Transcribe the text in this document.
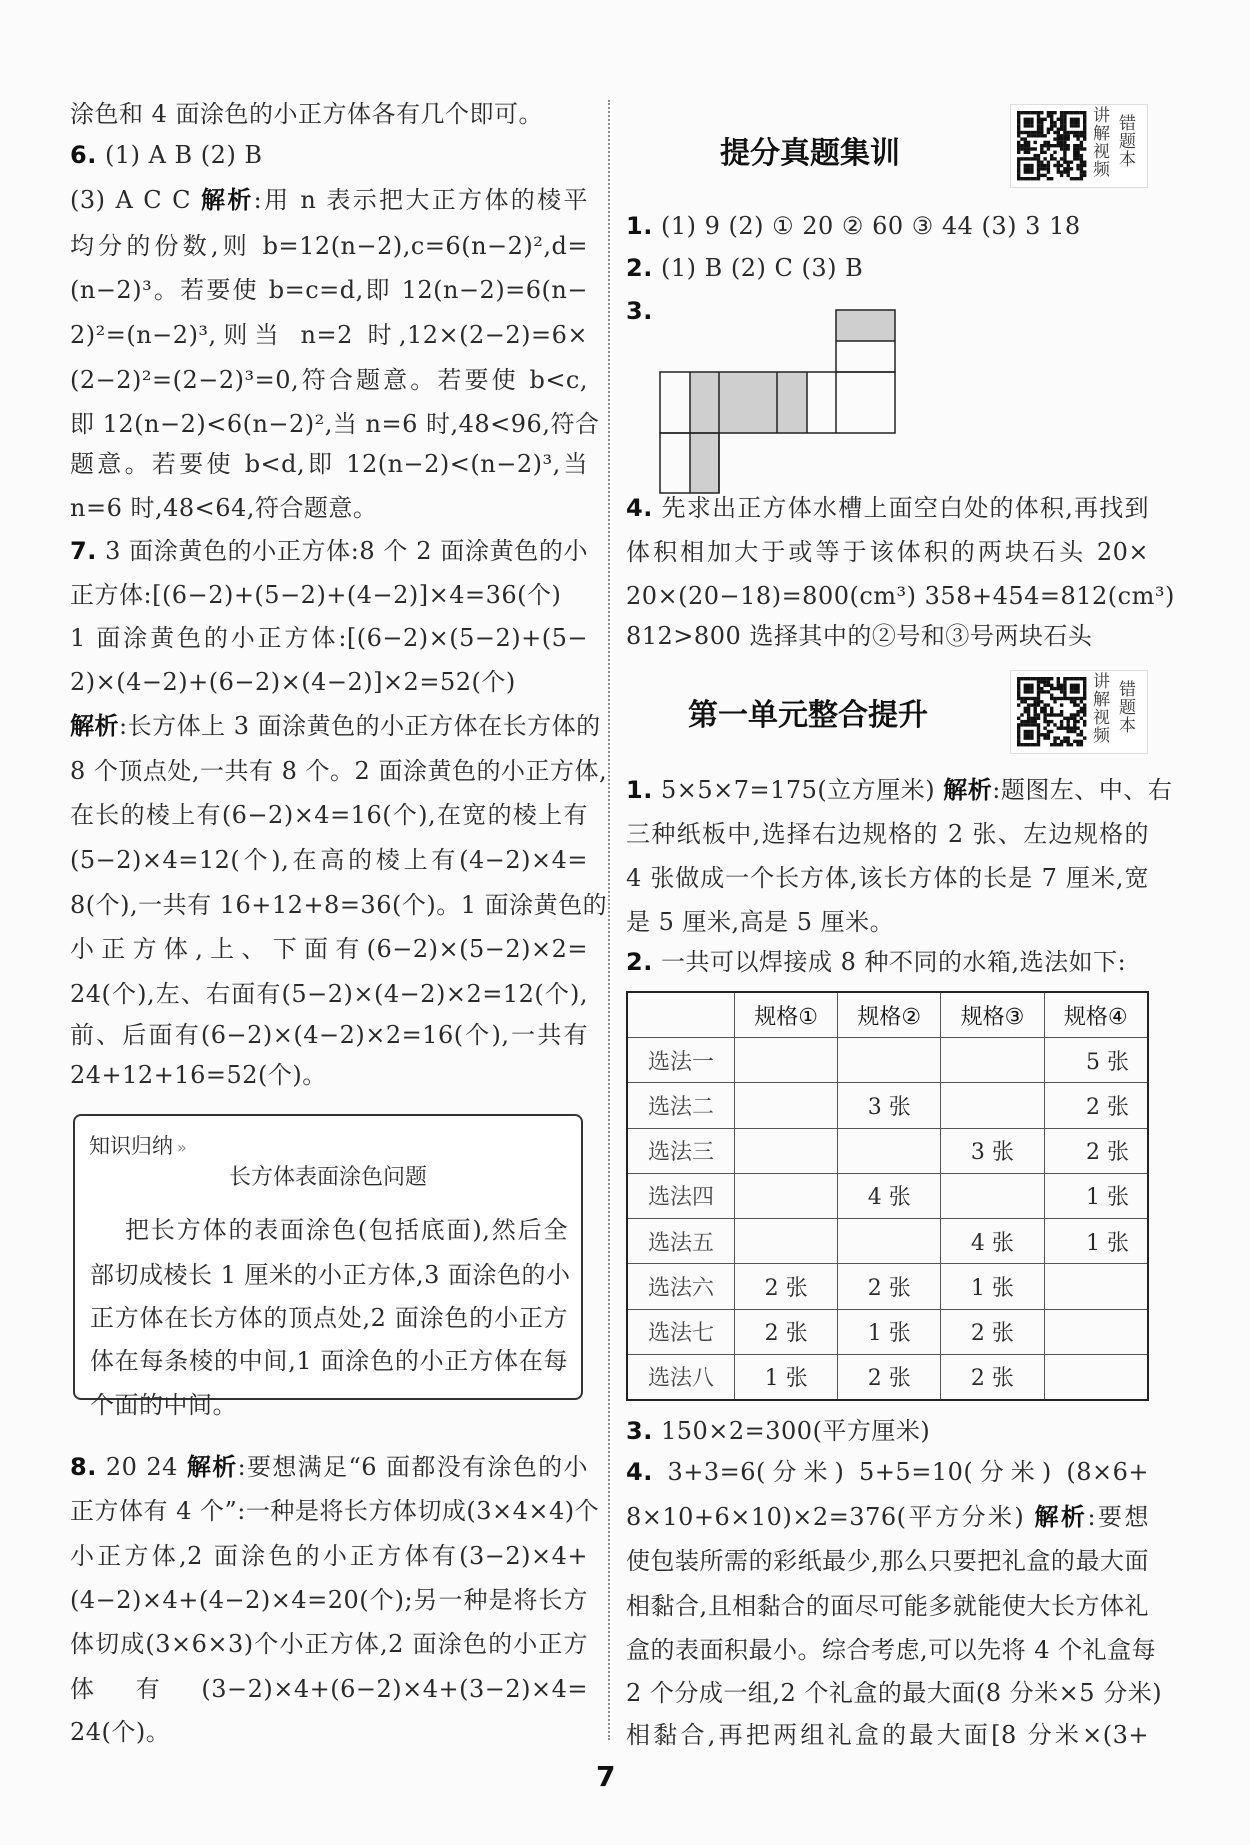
涂色和 4 面涂色的小正方体各有几个即可。
6. (1) A B (2) B
(3) A C C 解析:用 n 表示把大正方体的棱平
均分的份数,则 b=12(n−2),c=6(n−2)²,d=
(n−2)³。若要使 b=c=d,即 12(n−2)=6(n−
2)²=(n−2)³,则当 n=2 时,12×(2−2)=6×
(2−2)²=(2−2)³=0,符合题意。若要使 b<c,
即 12(n−2)<6(n−2)²,当 n=6 时,48<96,符合
题意。若要使 b<d,即 12(n−2)<(n−2)³,当
n=6 时,48<64,符合题意。
7. 3 面涂黄色的小正方体:8 个 2 面涂黄色的小
正方体:[(6−2)+(5−2)+(4−2)]×4=36(个)
1 面涂黄色的小正方体:[(6−2)×(5−2)+(5−
2)×(4−2)+(6−2)×(4−2)]×2=52(个)
解析:长方体上 3 面涂黄色的小正方体在长方体的
8 个顶点处,一共有 8 个。2 面涂黄色的小正方体,
在长的棱上有(6−2)×4=16(个),在宽的棱上有
(5−2)×4=12(个),在高的棱上有(4−2)×4=
8(个),一共有 16+12+8=36(个)。1 面涂黄色的
小正方体,上、下面有(6−2)×(5−2)×2=
24(个),左、右面有(5−2)×(4−2)×2=12(个),
前、后面有(6−2)×(4−2)×2=16(个),一共有
24+12+16=52(个)。
8. 20 24 解析:要想满足“6 面都没有涂色的小
正方体有 4 个”:一种是将长方体切成(3×4×4)个
小正方体,2 面涂色的小正方体有(3−2)×4+
(4−2)×4+(4−2)×4=20(个);另一种是将长方
体切成(3×6×3)个小正方体,2 面涂色的小正方
体有(3−2)×4+(6−2)×4+(3−2)×4=
24(个)。
知识归纳 »
长方体表面涂色问题
把长方体的表面涂色(包括底面),然后全
部切成棱长 1 厘米的小正方体,3 面涂色的小
正方体在长方体的顶点处,2 面涂色的小正方
体在每条棱的中间,1 面涂色的小正方体在每
个面的中间。
提分真题集训
讲解视频
错题本
第一单元整合提升
讲解视频
错题本
1. (1) 9 (2) ① 20 ② 60 ③ 44 (3) 3 18
2. (1) B (2) C (3) B
3.
4. 先求出正方体水槽上面空白处的体积,再找到
体积相加大于或等于该体积的两块石头 20×
20×(20−18)=800(cm³) 358+454=812(cm³)
812>800 选择其中的②号和③号两块石头
1. 5×5×7=175(立方厘米) 解析:题图左、中、右
三种纸板中,选择右边规格的 2 张、左边规格的
4 张做成一个长方体,该长方体的长是 7 厘米,宽
是 5 厘米,高是 5 厘米。
2. 一共可以焊接成 8 种不同的水箱,选法如下:
3. 150×2=300(平方厘米)
4. 3+3=6(分米) 5+5=10(分米) (8×6+
8×10+6×10)×2=376(平方分米) 解析:要想
使包装所需的彩纸最少,那么只要把礼盒的最大面
相黏合,且相黏合的面尽可能多就能使大长方体礼
盒的表面积最小。综合考虑,可以先将 4 个礼盒每
2 个分成一组,2 个礼盒的最大面(8 分米×5 分米)
相黏合,再把两组礼盒的最大面[8 分米×(3+
	规格①	规格②	规格③	规格④
选法一				5 张
选法二		3 张		2 张
选法三			3 张	2 张
选法四		4 张		1 张
选法五			4 张	1 张
选法六	2 张	2 张	1 张	
选法七	2 张	1 张	2 张	
选法八	1 张	2 张	2 张	
7
